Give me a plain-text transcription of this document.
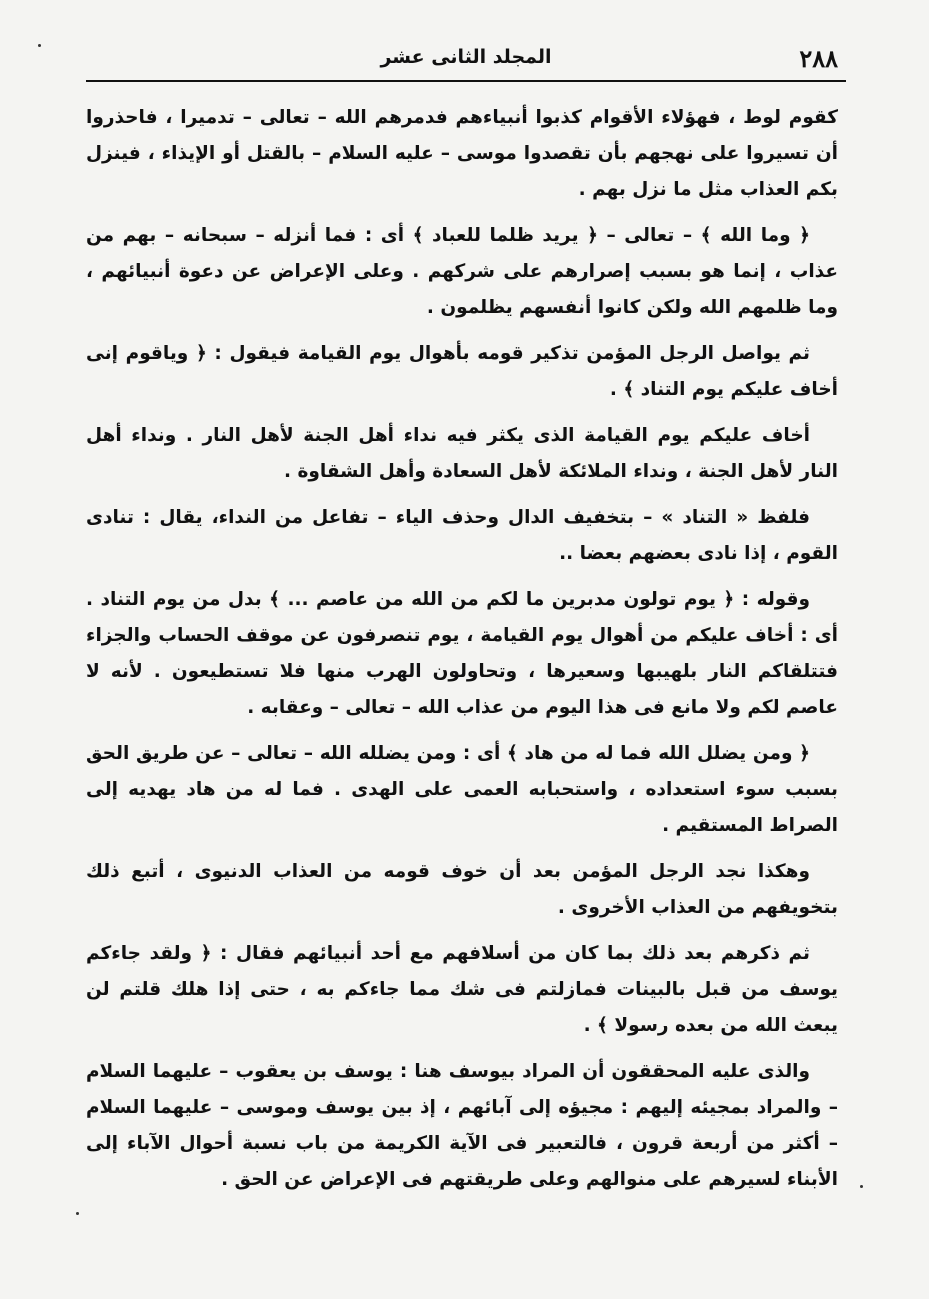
٢٨٨
المجلد الثانى عشر

كقوم لوط ، فهؤلاء الأقوام كذبوا أنبياءهم فدمرهم الله – تعالى – تدميرا ، فاحذروا أن تسيروا على نهجهم بأن تقصدوا موسى – عليه السلام – بالقتل أو الإيذاء ، فينزل بكم العذاب مثل ما نزل بهم .

﴿ وما الله ﴾ – تعالى – ﴿ يريد ظلما للعباد ﴾ أى : فما أنزله – سبحانه – بهم من عذاب ، إنما هو بسبب إصرارهم على شركهم . وعلى الإعراض عن دعوة أنبيائهم ، وما ظلمهم الله ولكن كانوا أنفسهم يظلمون .

ثم يواصل الرجل المؤمن تذكير قومه بأهوال يوم القيامة فيقول : ﴿ وياقوم إنى أخاف عليكم يوم التناد ﴾ .

أخاف عليكم يوم القيامة الذى يكثر فيه نداء أهل الجنة لأهل النار . ونداء أهل النار لأهل الجنة ، ونداء الملائكة لأهل السعادة وأهل الشقاوة .

فلفظ « التناد » – بتخفيف الدال وحذف الياء – تفاعل من النداء، يقال : تنادى القوم ، إذا نادى بعضهم بعضا ..

وقوله : ﴿ يوم تولون مدبرين ما لكم من الله من عاصم ... ﴾ بدل من يوم التناد . أى : أخاف عليكم من أهوال يوم القيامة ، يوم تنصرفون عن موقف الحساب والجزاء فتتلقاكم النار بلهيبها وسعيرها ، وتحاولون الهرب منها فلا تستطيعون . لأنه لا عاصم لكم ولا مانع فى هذا اليوم من عذاب الله – تعالى – وعقابه .

﴿ ومن يضلل الله فما له من هاد ﴾ أى : ومن يضلله الله – تعالى – عن طريق الحق بسبب سوء استعداده ، واستحبابه العمى على الهدى . فما له من هاد يهديه إلى الصراط المستقيم .

وهكذا نجد الرجل المؤمن بعد أن خوف قومه من العذاب الدنيوى ، أتبع ذلك بتخويفهم من العذاب الأخروى .

ثم ذكرهم بعد ذلك بما كان من أسلافهم مع أحد أنبيائهم فقال : ﴿ ولقد جاءكم يوسف من قبل بالبينات فمازلتم فى شك مما جاءكم به ، حتى إذا هلك قلتم لن يبعث الله من بعده رسولا ﴾ .

والذى عليه المحققون أن المراد بيوسف هنا : يوسف بن يعقوب – عليهما السلام – والمراد بمجيئه إليهم : مجيؤه إلى آبائهم ، إذ بين يوسف وموسى – عليهما السلام – أكثر من أربعة قرون ، فالتعبير فى الآية الكريمة من باب نسبة أحوال الآباء إلى الأبناء لسيرهم على منوالهم وعلى طريقتهم فى الإعراض عن الحق .
